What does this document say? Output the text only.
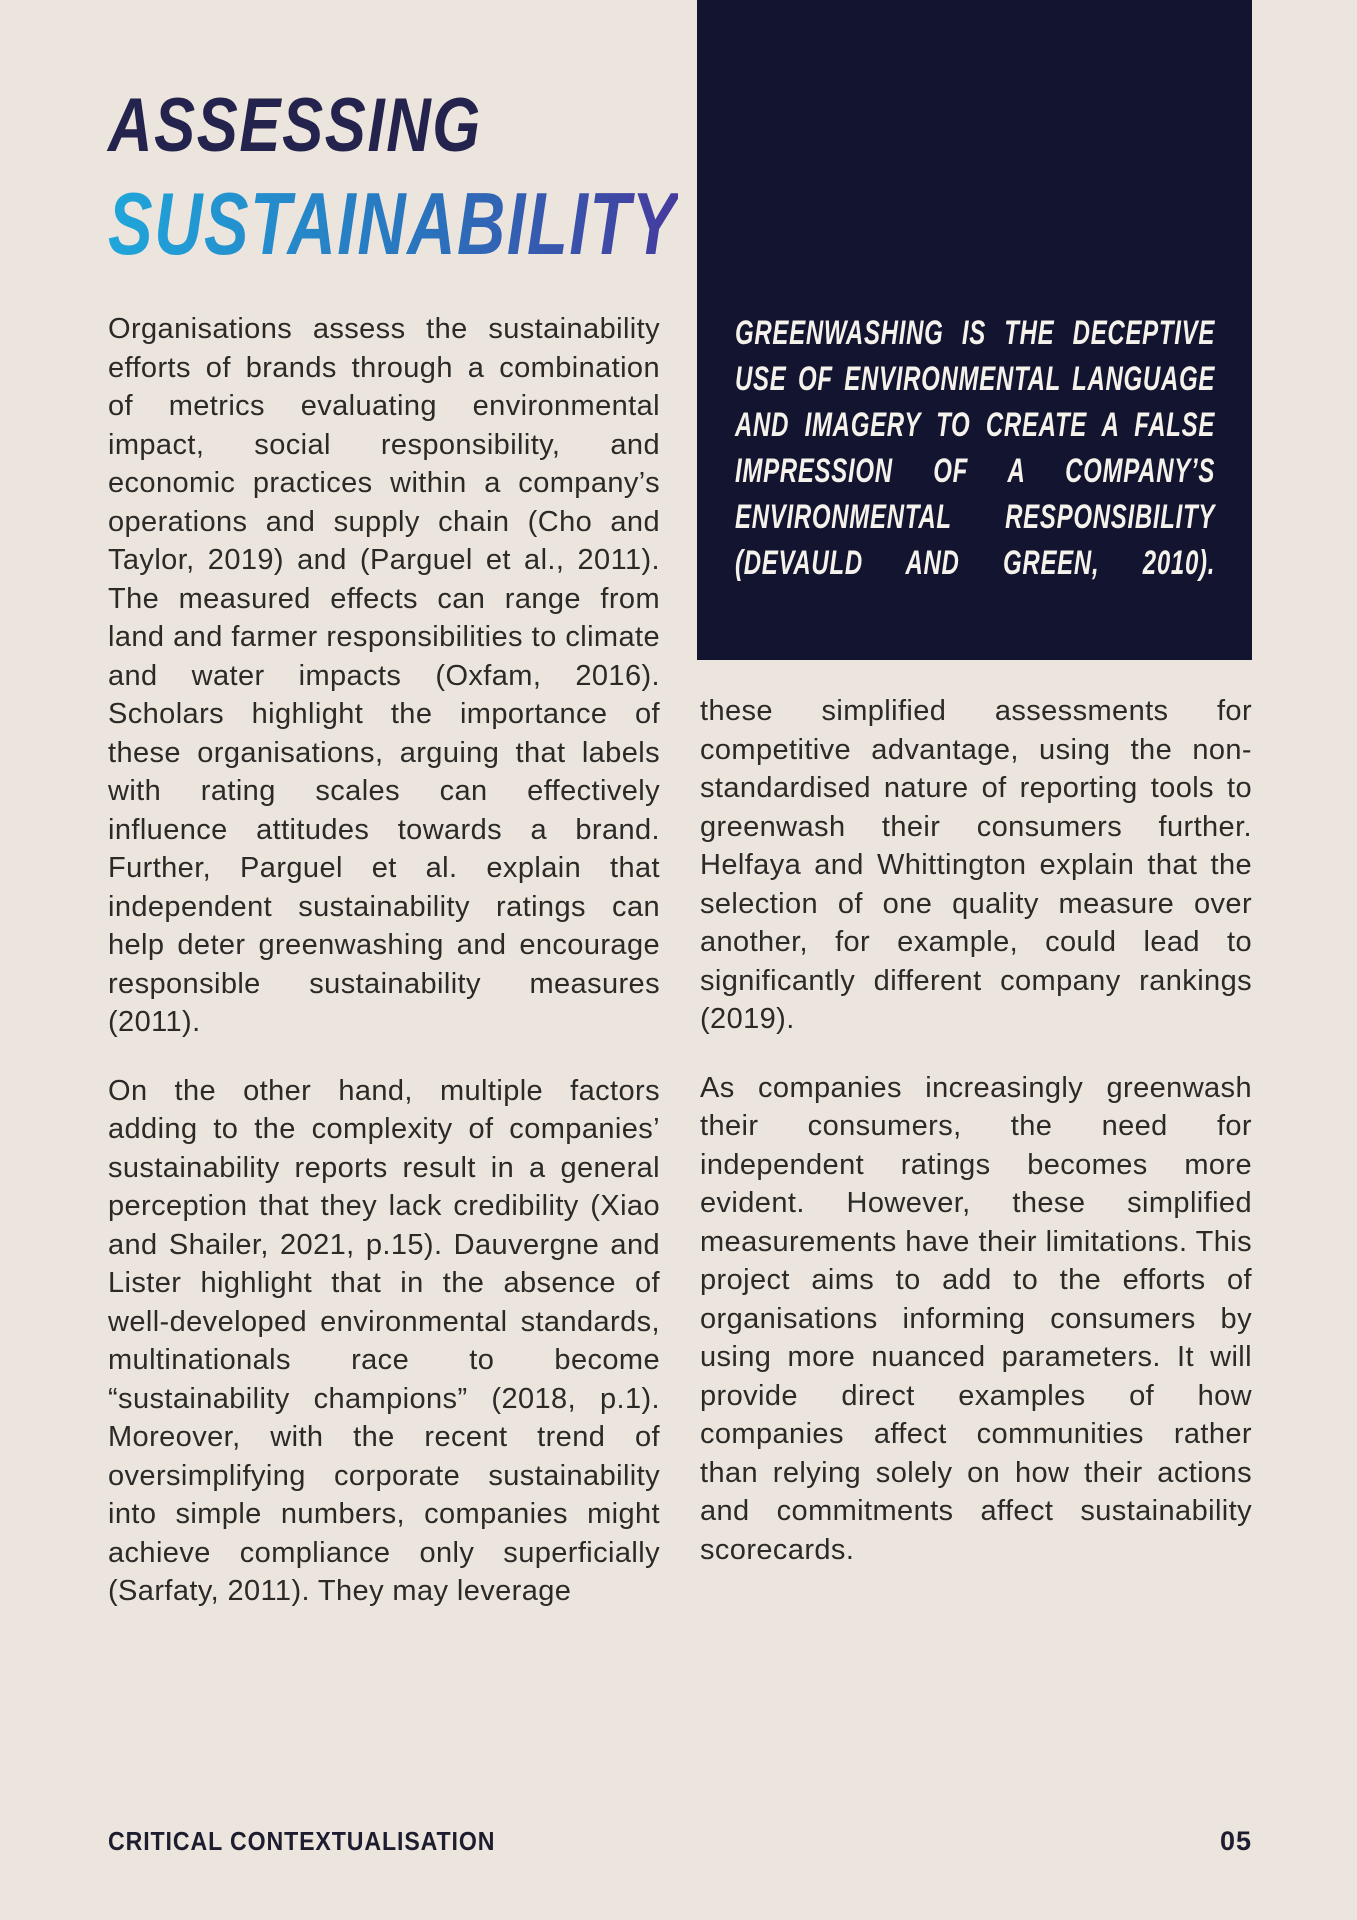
ASSESSING
SUSTAINABILITY
GREENWASHING IS THE DECEPTIVE
USE OF ENVIRONMENTAL LANGUAGE
AND IMAGERY TO CREATE A FALSE
IMPRESSION OF A COMPANY’S
ENVIRONMENTAL RESPONSIBILITY
(DEVAULD AND GREEN, 2010).

Organisations assess the sustainability efforts of brands through a combination of metrics evaluating environmental impact, social responsibility, and economic practices within a company’s operations and supply chain (Cho and Taylor, 2019) and (Parguel et al., 2011). The measured effects can range from land and farmer responsibilities to climate and water impacts (Oxfam, 2016). Scholars highlight the importance of these organisations, arguing that labels with rating scales can effectively influence attitudes towards a brand. Further, Parguel et al. explain that independent sustainability ratings can help deter greenwashing and encourage responsible sustainability measures (2011).

On the other hand, multiple factors adding to the complexity of companies’ sustainability reports result in a general perception that they lack credibility (Xiao and Shailer, 2021, p.15). Dauvergne and Lister highlight that in the absence of well-developed environmental standards, multinationals race to become “sustainability champions” (2018, p.1). Moreover, with the recent trend of oversimplifying corporate sustainability into simple numbers, companies might achieve compliance only superficially (Sarfaty, 2011). They may leverage

these simplified assessments for competitive advantage, using the non-standardised nature of reporting tools to greenwash their consumers further. Helfaya and Whittington explain that the selection of one quality measure over another, for example, could lead to significantly different company rankings (2019).

As companies increasingly greenwash their consumers, the need for independent ratings becomes more evident. However, these simplified measurements have their limitations. This project aims to add to the efforts of organisations informing consumers by using more nuanced parameters. It will provide direct examples of how companies affect communities rather than relying solely on how their actions and commitments affect sustainability scorecards.

CRITICAL CONTEXTUALISATION	05
